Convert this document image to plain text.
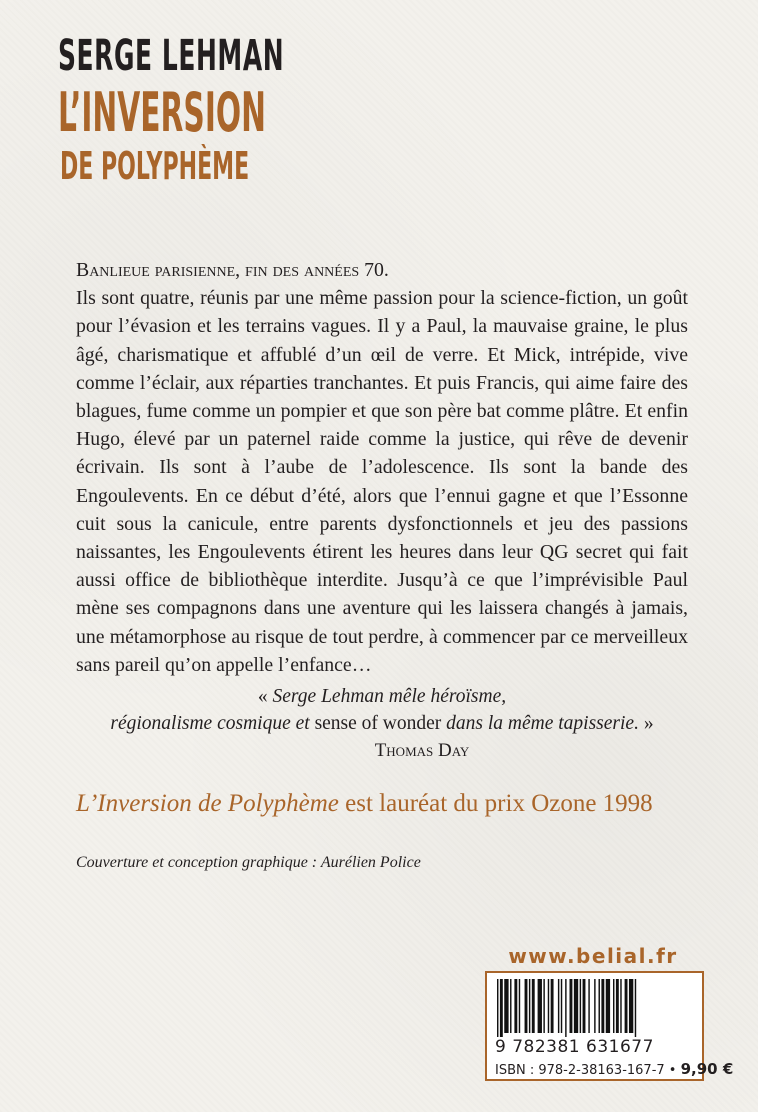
SERGE LEHMAN
L’INVERSION
DE POLYPHÈME

Banlieue parisienne, fin des années 70.

Ils sont quatre, réunis par une même passion pour la science-fiction, un goût pour l’évasion et les terrains vagues. Il y a Paul, la mauvaise graine, le plus âgé, charismatique et affublé d’un œil de verre. Et Mick, intrépide, vive comme l’éclair, aux réparties tranchantes. Et puis Francis, qui aime faire des blagues, fume comme un pompier et que son père bat comme plâtre. Et enfin Hugo, élevé par un paternel raide comme la justice, qui rêve de devenir écrivain. Ils sont à l’aube de l’adolescence. Ils sont la bande des Engoulevents. En ce début d’été, alors que l’ennui gagne et que l’Essonne cuit sous la canicule, entre parents dysfonctionnels et jeu des passions naissantes, les Engoulevents étirent les heures dans leur QG secret qui fait aussi office de bibliothèque interdite. Jusqu’à ce que l’imprévisible Paul mène ses compagnons dans une aventure qui les laissera changés à jamais, une métamorphose au risque de tout perdre, à commencer par ce merveilleux sans pareil qu’on appelle l’enfance…

« Serge Lehman mêle héroïsme,
régionalisme cosmique et sense of wonder dans la même tapisserie. »
Thomas Day
L’Inversion de Polyphème est lauréat du prix Ozone 1998
Couverture et conception graphique : Aurélien Police
www.belial.fr
9 782381 631677
ISBN : 978-2-38163-167-7 • 9,90 €
